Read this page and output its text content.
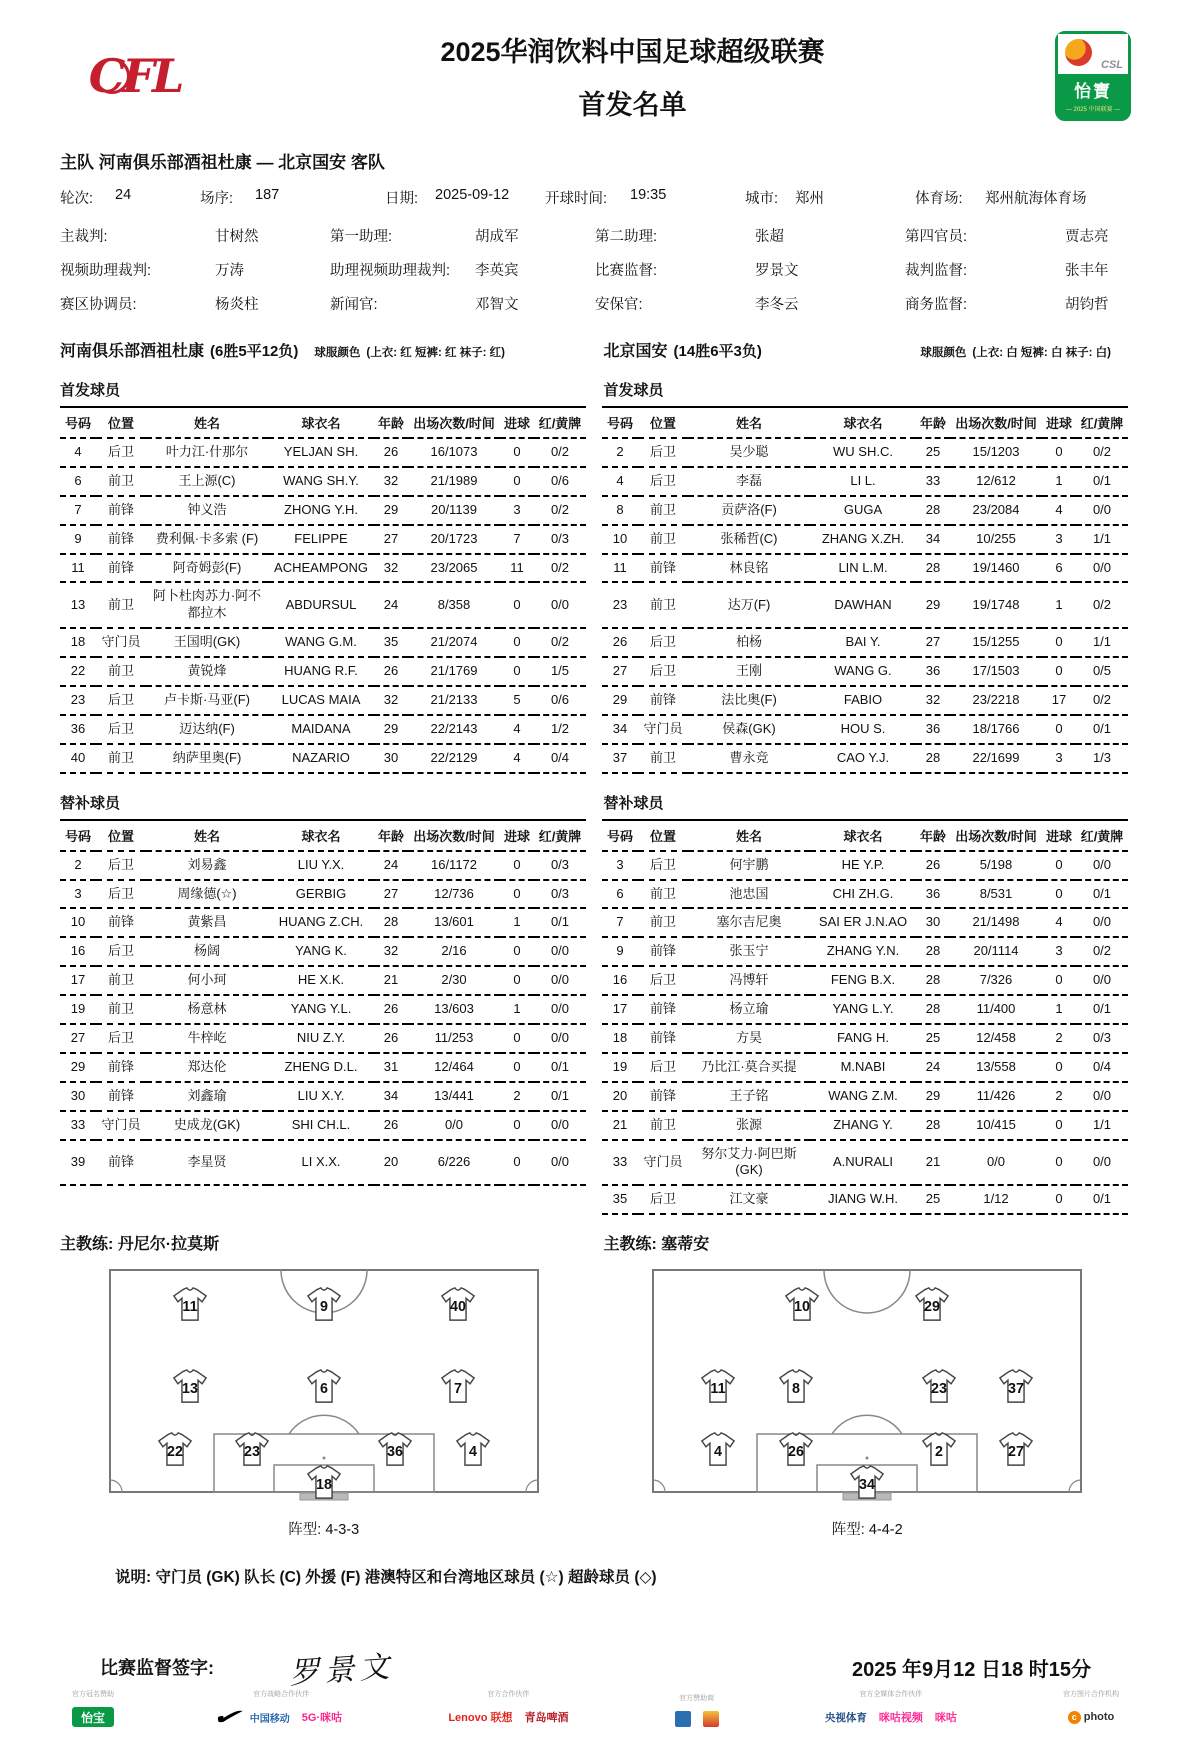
CFL	2025华润饮料中国足球超级联赛
首发名单
CSL
怡寶
— 2025 中国联赛 —
主队 河南俱乐部酒祖杜康 — 北京国安 客队
轮次:	24	场序:	187	日期:	2025-09-12	开球时间:	19:35	城市:	郑州	体育场:	郑州航海体育场
主裁判:	甘树然	第一助理:	胡成军	第二助理:	张超	第四官员:	贾志亮
视频助理裁判:	万涛	助理视频助理裁判:	李英宾	比赛监督:	罗景文	裁判监督:	张丰年
赛区协调员:	杨炎柱	新闻官:	邓智文	安保官:	李冬云	商务监督:	胡钧哲
河南俱乐部酒祖杜康 (6胜5平12负) 球服颜色 (上衣: 红 短裤: 红 袜子: 红)	北京国安 (14胜6平3负)	球服颜色 (上衣: 白 短裤: 白 袜子: 白)
首发球员	首发球员
号码	位置	姓名	球衣名	年龄	出场次数/时间	进球	红/黄牌		号码	位置	姓名	球衣名	年龄	出场次数/时间	进球	红/黄牌
4	后卫	叶力江·什那尔	YELJAN SH.	26	16/1073	0	0/2		2	后卫	吴少聪	WU SH.C.	25	15/1203	0	0/2
6	前卫	王上源(C)	WANG SH.Y.	32	21/1989	0	0/6		4	后卫	李磊	LI L.	33	12/612	1	0/1
7	前锋	钟义浩	ZHONG Y.H.	29	20/1139	3	0/2		8	前卫	贡萨洛(F)	GUGA	28	23/2084	4	0/0
9	前锋	费利佩·卡多索 (F)	FELIPPE	27	20/1723	7	0/3		10	前卫	张稀哲(C)	ZHANG X.ZH.	34	10/255	3	1/1
11	前锋	阿奇姆彭(F)	ACHEAMPONG	32	23/2065	11	0/2		11	前锋	林良铭	LIN L.M.	28	19/1460	6	0/0
13	前卫	阿卜杜肉苏力·阿不都拉木	ABDURSUL	24	8/358	0	0/0		23	前卫	达万(F)	DAWHAN	29	19/1748	1	0/2
18	守门员	王国明(GK)	WANG G.M.	35	21/2074	0	0/2		26	后卫	柏杨	BAI Y.	27	15/1255	0	1/1
22	前卫	黄锐烽	HUANG R.F.	26	21/1769	0	1/5		27	后卫	王刚	WANG G.	36	17/1503	0	0/5
23	后卫	卢卡斯·马亚(F)	LUCAS MAIA	32	21/2133	5	0/6		29	前锋	法比奥(F)	FABIO	32	23/2218	17	0/2
36	后卫	迈达纳(F)	MAIDANA	29	22/2143	4	1/2		34	守门员	侯森(GK)	HOU S.	36	18/1766	0	0/1
40	前卫	纳萨里奥(F)	NAZARIO	30	22/2129	4	0/4		37	前卫	曹永竞	CAO Y.J.	28	22/1699	3	1/3
替补球员	替补球员
号码	位置	姓名	球衣名	年龄	出场次数/时间	进球	红/黄牌		号码	位置	姓名	球衣名	年龄	出场次数/时间	进球	红/黄牌
2	后卫	刘易鑫	LIU Y.X.	24	16/1172	0	0/3		3	后卫	何宇鹏	HE Y.P.	26	5/198	0	0/0
3	后卫	周缘德(☆)	GERBIG	27	12/736	0	0/3		6	前卫	池忠国	CHI ZH.G.	36	8/531	0	0/1
10	前锋	黄紫昌	HUANG Z.CH.	28	13/601	1	0/1		7	前卫	塞尔吉尼奥	SAI ER J.N.AO	30	21/1498	4	0/0
16	后卫	杨阔	YANG K.	32	2/16	0	0/0		9	前锋	张玉宁	ZHANG Y.N.	28	20/1114	3	0/2
17	前卫	何小珂	HE X.K.	21	2/30	0	0/0		16	后卫	冯博轩	FENG B.X.	28	7/326	0	0/0
19	前卫	杨意林	YANG Y.L.	26	13/603	1	0/0		17	前锋	杨立瑜	YANG L.Y.	28	11/400	1	0/1
27	后卫	牛梓屹	NIU Z.Y.	26	11/253	0	0/0		18	前锋	方昊	FANG H.	25	12/458	2	0/3
29	前锋	郑达伦	ZHENG D.L.	31	12/464	0	0/1		19	后卫	乃比江·莫合买提	M.NABI	24	13/558	0	0/4
30	前锋	刘鑫瑜	LIU X.Y.	34	13/441	2	0/1		20	前锋	王子铭	WANG Z.M.	29	11/426	2	0/0
33	守门员	史成龙(GK)	SHI CH.L.	26	0/0	0	0/0		21	前卫	张源	ZHANG Y.	28	10/415	0	1/1
39	前锋	李星贤	LI X.X.	20	6/226	0	0/0		33	守门员	努尔艾力·阿巴斯 (GK)	A.NURALI	21	0/0	0	0/0
									35	后卫	江文豪	JIANG W.H.	25	1/12	0	0/1
主教练: 丹尼尔·拉莫斯	主教练: 塞蒂安
11	9	40
13	6	7
22	23	36	4
18
阵型: 4-3-3
10	29
11	8	23	37
4	26	2	27
34
阵型: 4-4-2
说明: 守门员 (GK) 队长 (C) 外援 (F) 港澳特区和台湾地区球员 (☆) 超龄球员 (◇)
比赛监督签字: 罗景文	2025 年9月12 日18 时15分
官方冠名赞助
怡宝
官方战略合作伙伴
✔
中国移动 5G·咪咕
官方合作伙伴
Lenovo 联想 青岛啤酒
官方赞助商
官方全媒体合作伙伴
央视体育 咪咕视频 咪咕
官方图片合作机构
c photo
